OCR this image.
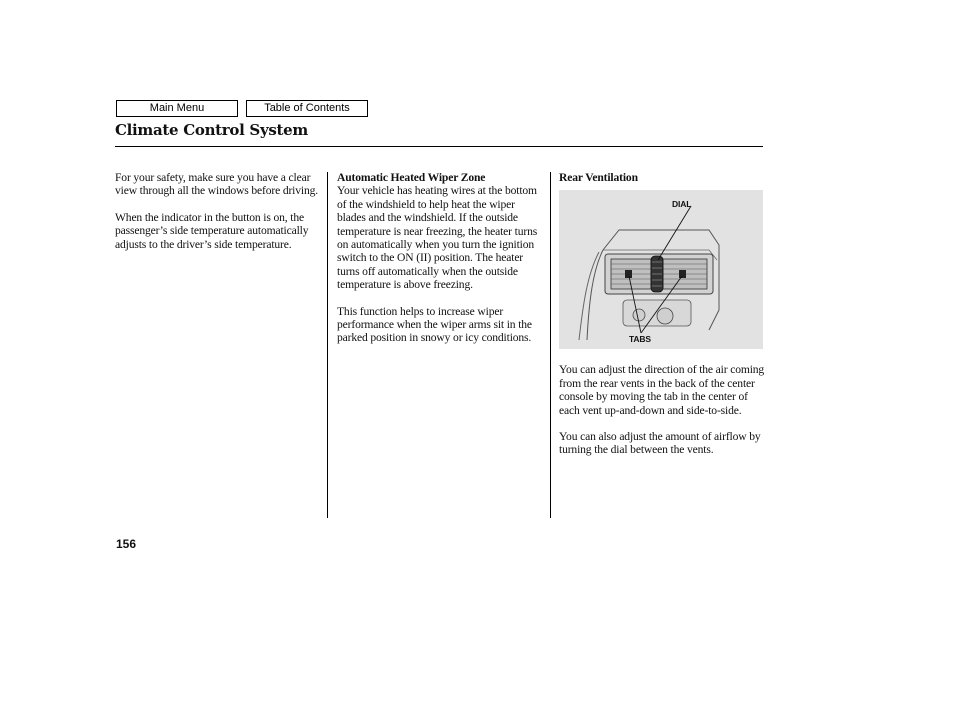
Main Menu	Table of Contents
Climate Control System

For your safety, make sure you have a clear view through all the windows before driving.

When the indicator in the button is on, the passenger’s side temperature automatically adjusts to the driver’s side temperature.

Automatic Heated Wiper Zone

Your vehicle has heating wires at the bottom of the windshield to help heat the wiper blades and the windshield. If the outside temperature is near freezing, the heater turns on automatically when you turn the ignition switch to the ON (II) position. The heater turns off automatically when the outside temperature is above freezing.

This function helps to increase wiper performance when the wiper arms sit in the parked position in snowy or icy conditions.

Rear Ventilation
DIAL
TABS

You can adjust the direction of the air coming from the rear vents in the back of the center console by moving the tab in the center of each vent up-and-down and side-to-side.

You can also adjust the amount of airflow by turning the dial between the vents.

156
